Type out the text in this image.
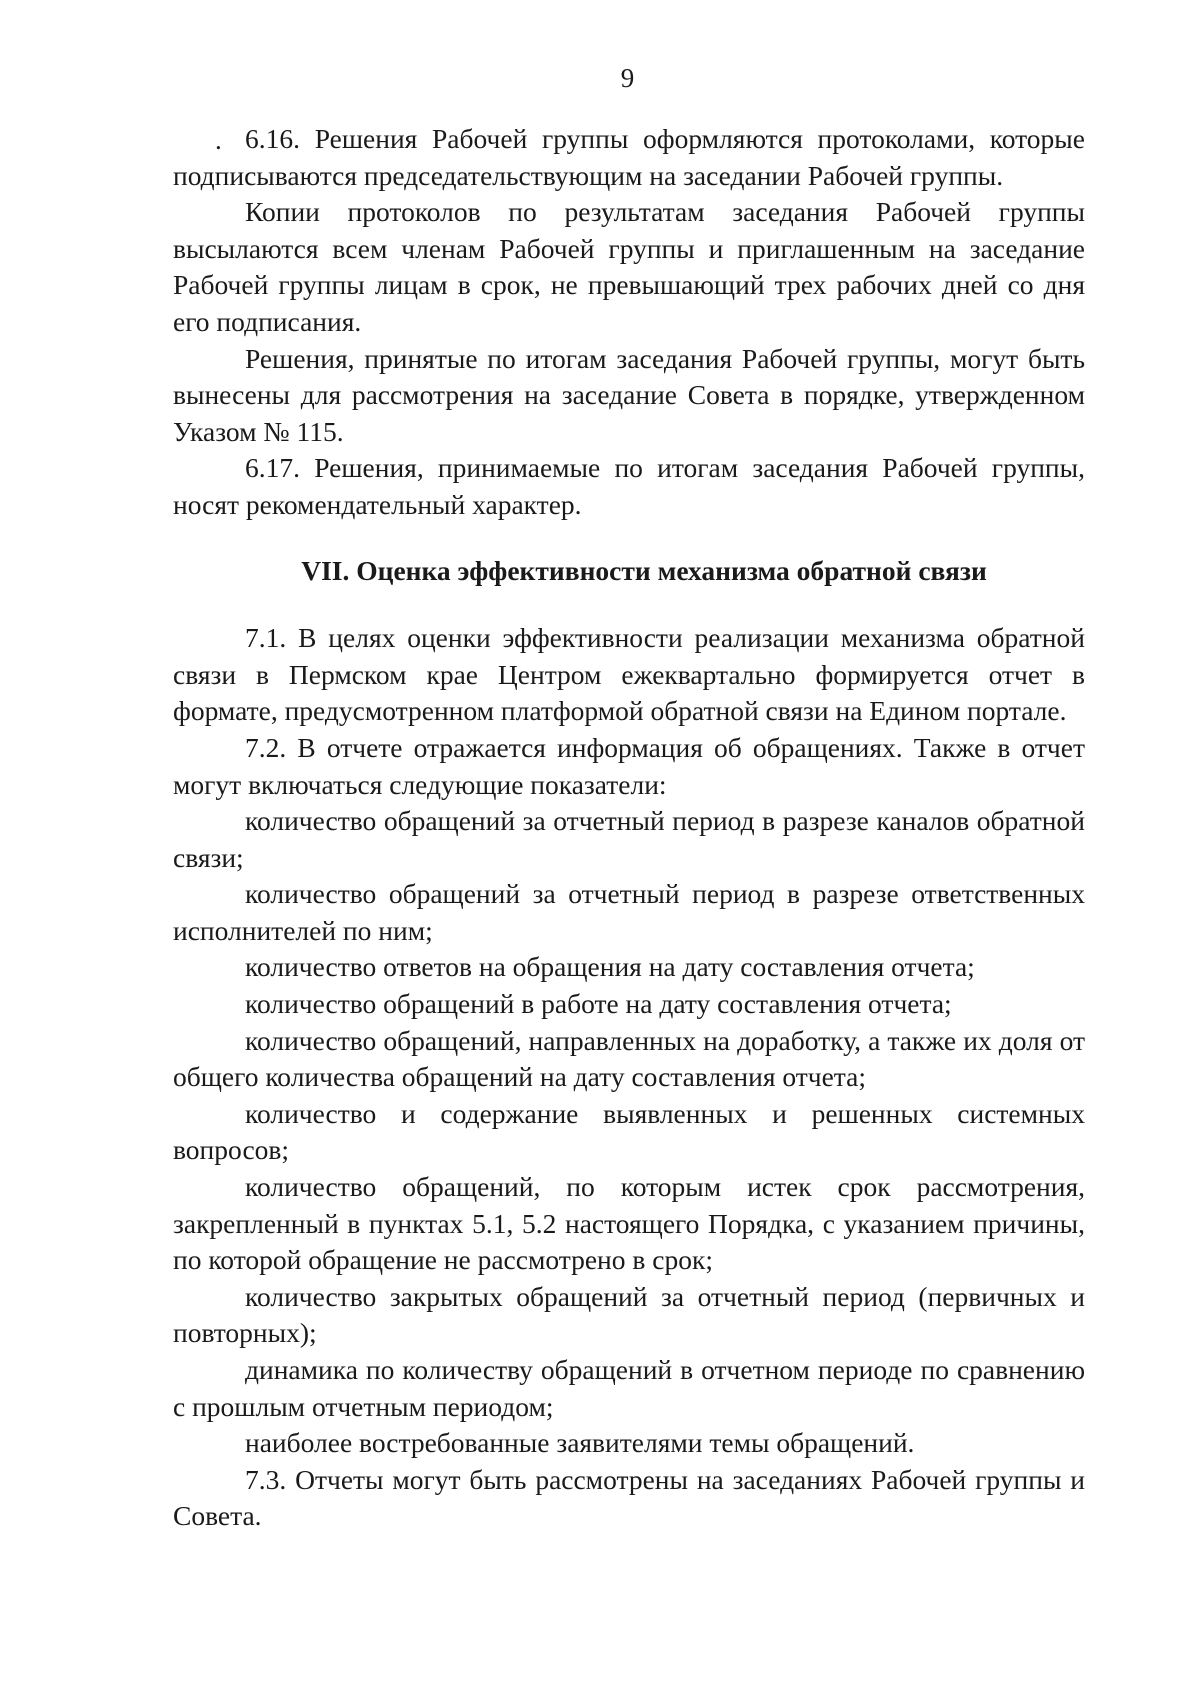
9
. 6.16. Решения Рабочей группы оформляются протоколами, которые подписываются председательствующим на заседании Рабочей группы.

Копии протоколов по результатам заседания Рабочей группы высылаются всем членам Рабочей группы и приглашенным на заседание Рабочей группы лицам в срок, не превышающий трех рабочих дней со дня его подписания.

Решения, принятые по итогам заседания Рабочей группы, могут быть вынесены для рассмотрения на заседание Совета в порядке, утвержденном Указом № 115.

6.17. Решения, принимаемые по итогам заседания Рабочей группы, носят рекомендательный характер.

VII. Оценка эффективности механизма обратной связи

7.1. В целях оценки эффективности реализации механизма обратной связи в Пермском крае Центром ежеквартально формируется отчет в формате, предусмотренном платформой обратной связи на Едином портале.

7.2. В отчете отражается информация об обращениях. Также в отчет могут включаться следующие показатели:

количество обращений за отчетный период в разрезе каналов обратной связи;

количество обращений за отчетный период в разрезе ответственных исполнителей по ним;

количество ответов на обращения на дату составления отчета;

количество обращений в работе на дату составления отчета;

количество обращений, направленных на доработку, а также их доля от общего количества обращений на дату составления отчета;

количество и содержание выявленных и решенных системных вопросов;

количество обращений, по которым истек срок рассмотрения, закрепленный в пунктах 5.1, 5.2 настоящего Порядка, с указанием причины, по которой обращение не рассмотрено в срок;

количество закрытых обращений за отчетный период (первичных и повторных);

динамика по количеству обращений в отчетном периоде по сравнению с прошлым отчетным периодом;

наиболее востребованные заявителями темы обращений.

7.3. Отчеты могут быть рассмотрены на заседаниях Рабочей группы и Совета.
